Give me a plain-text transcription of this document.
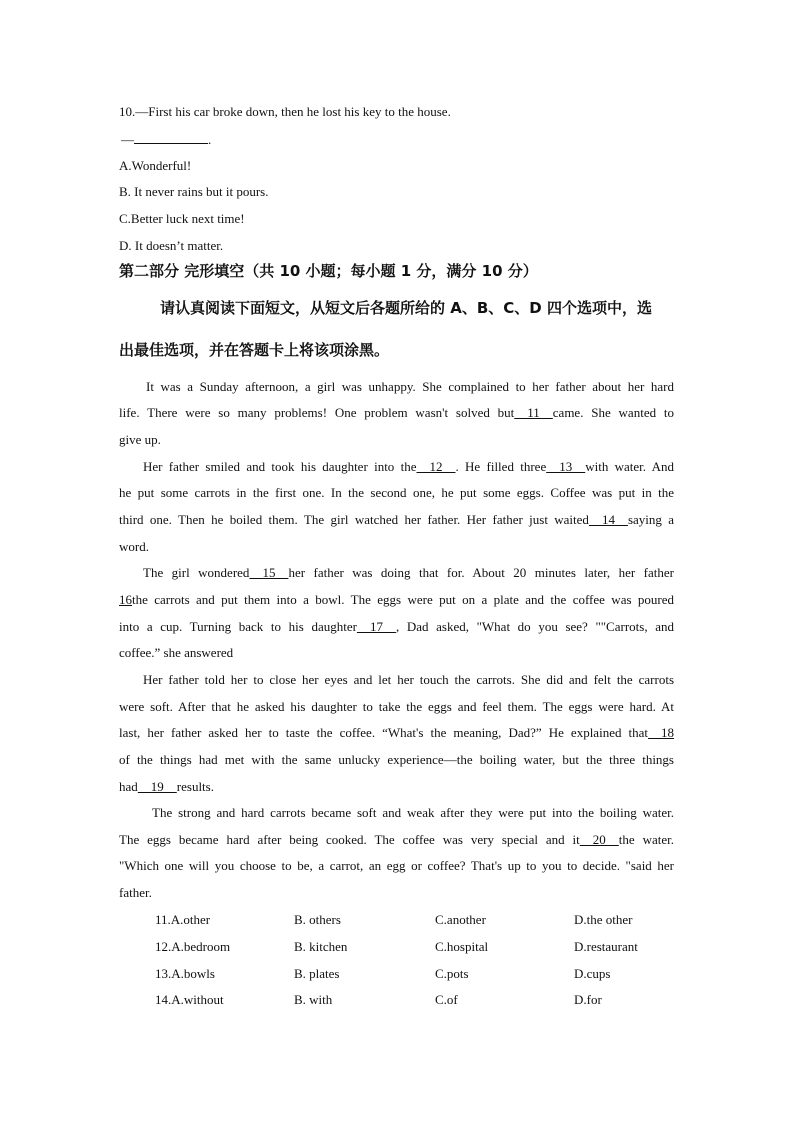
10.—First his car broke down, then he lost his key to the house.
—	.
A.Wonderful!
B. It never rains but it pours.
C.Better luck next time!
D. It doesn’t matter.
第二部分 完形填空（共 10 小题；每小题 1 分，满分 10 分）
请认真阅读下面短文，从短文后各题所给的 A、B、C、D 四个选项中，选
出最佳选项，并在答题卡上将该项涂黑。
It was a Sunday afternoon, a girl was unhappy. She complained to her father about her hard
life. There were so many problems! One problem wasn't solved but    11    came. She wanted to
give up.
Her father smiled and took his daughter into the    12    . He filled three    13    with water. And
he put some carrots in the first one. In the second one, he put some eggs. Coffee was put in the
third one. Then he boiled them. The girl watched her father. Her father just waited    14    saying a
word.
The girl wondered    15    her father was doing that for. About 20 minutes later, her father
16the carrots and put them into a bowl. The eggs were put on a plate and the coffee was poured
into a cup. Turning back to his daughter    17    , Dad asked, "What do you see? ""Carrots, and
coffee.” she answered
Her father told her to close her eyes and let her touch the carrots. She did and felt the carrots
were soft. After that he asked his daughter to take the eggs and feel them. The eggs were hard. At
last, her father asked her to taste the coffee. “What's the meaning, Dad?” He explained that    18
of the things had met with the same unlucky experience—the boiling water, but the three things
had    19    results.
The strong and hard carrots became soft and weak after they were put into the boiling water.
The eggs became hard after being cooked. The coffee was very special and it    20    the water.
"Which one will you choose to be, a carrot, an egg or coffee? That's up to you to decide. "said her
father.
11.A.other	B. others	C.another	D.the other
12.A.bedroom	B. kitchen	C.hospital	D.restaurant
13.A.bowls	B. plates	C.pots	D.cups
14.A.without	B. with	C.of	D.for
